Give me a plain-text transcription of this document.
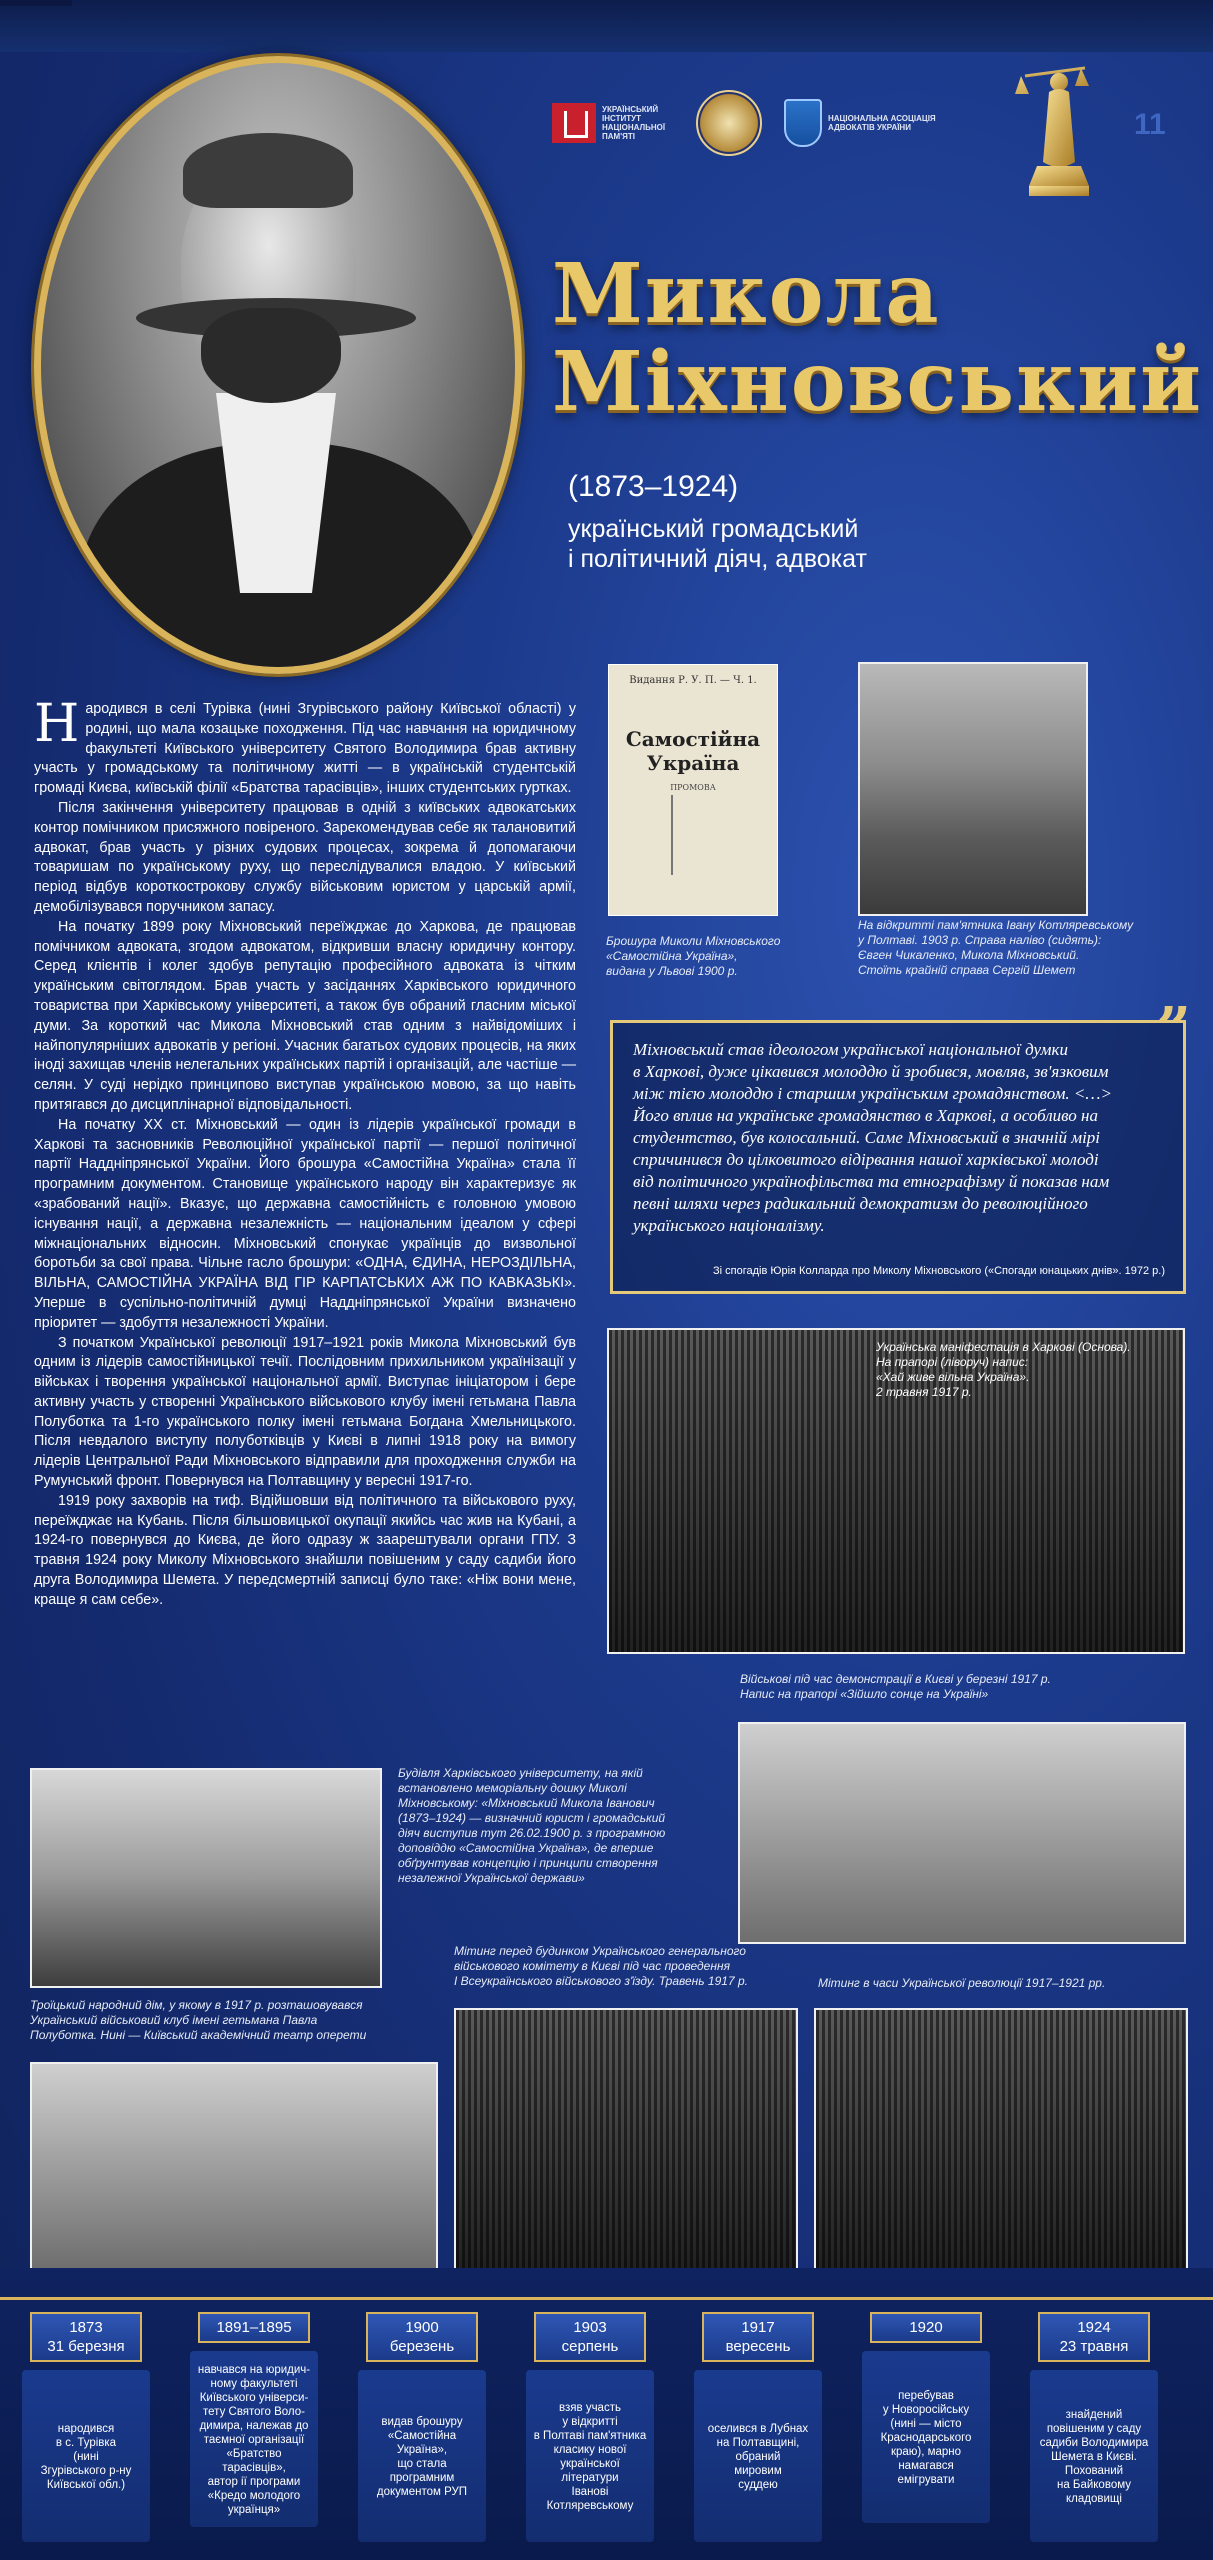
УКРАЇНСЬКИЙ ІНСТИТУТ НАЦІОНАЛЬНОЇ ПАМ'ЯТІ
НАЦІОНАЛЬНА АСОЦІАЦІЯ АДВОКАТІВ УКРАЇНИ	11
Микола
Міхновський
(1873–1924)
український громадський
і політичний діяч, адвокат

Народився в селі Турівка (нині Згурівського району Київської області) у родині, що мала козацьке походження. Під час навчання на юридичному факультеті Київського університету Святого Володимира брав активну участь у громадському та політичному житті — в українській студентській громаді Києва, київській філії «Братства тарасівців», інших студентських гуртках.

Після закінчення університету працював в одній з київських адвокатських контор помічником присяжного повіреного. Зарекомендував себе як талановитий адвокат, брав участь у різних судових процесах, зокрема й допомагаючи товаришам по українському руху, що переслідувалися владою. У київський період відбув короткострокову службу військовим юристом у царській армії, демобілізувався поручником запасу.

На початку 1899 року Міхновський переїжджає до Харкова, де працював помічником адвоката, згодом адвокатом, відкривши власну юридичну контору. Серед клієнтів і колег здобув репутацію професійного адвоката із чітким українським світоглядом. Брав участь у засіданнях Харківського юридичного товариства при Харківському університеті, а також був обраний гласним міської думи. За короткий час Микола Міхновський став одним з найвідоміших і найпопулярніших адвокатів у регіоні. Учасник багатьох судових процесів, на яких іноді захищав членів нелегальних українських партій і організацій, але частіше — селян. У суді нерідко принципово виступав українською мовою, за що навіть притягався до дисциплінарної відповідальності.

На початку XX ст. Міхновський — один із лідерів української громади в Харкові та засновників Революційної української партії — першої політичної партії Наддніпрянської України. Його брошура «Самостійна Україна» стала її програмним документом. Становище українського народу він характеризує як «зрабований нації». Вказує, що державна самостійність є головною умовою існування нації, а державна незалежність — національним ідеалом у сфері міжнаціональних відносин. Міхновський спонукає українців до визвольної боротьби за свої права. Чільне гасло брошури: «ОДНА, ЄДИНА, НЕРОЗДІЛЬНА, ВІЛЬНА, САМОСТІЙНА УКРАЇНА ВІД ГІР КАРПАТСЬКИХ АЖ ПО КАВКАЗЬКІ». Уперше в суспільно-політичній думці Наддніпрянської України визначено пріоритет — здобуття незалежності України.

З початком Української революції 1917–1921 років Микола Міхновський був одним із лідерів самостійницької течії. Послідовним прихильником українізації у військах і творення української національної армії. Виступає ініціатором і бере активну участь у створенні Українського військового клубу імені гетьмана Павла Полуботка та 1-го українського полку імені гетьмана Богдана Хмельницького. Після невдалого виступу полуботківців у Києві в липні 1918 року на вимогу лідерів Центральної Ради Міхновського відправили для проходження служби на Румунський фронт. Повернувся на Полтавщину у вересні 1917-го.

1919 року захворів на тиф. Відійшовши від політичного та військового руху, переїжджає на Кубань. Після більшовицької окупації якийсь час жив на Кубані, а 1924-го повернувся до Києва, де його одразу ж заарештували органи ГПУ. З травня 1924 року Миколу Міхновського знайшли повішеним у саду садиби його друга Володимира Шемета. У передсмертній записці було таке: «Ніж вони мене, краще я сам себе».

Видання Р. У. П. — Ч. 1.
Самостійна
Україна
ПРОМОВА
Брошура Миколи Міхновського
«Самостійна Україна»,
видана у Львові 1900 р.
На відкритті пам'ятника Івану Котляревському
у Полтаві. 1903 р. Справа наліво (сидять):
Євген Чикаленко, Микола Міхновський.
Стоїть крайній справа Сергій Шемет
”
Міхновський став ідеологом української національної думки
в Харкові, дуже цікавився молоддю й зробився, мовляв, зв'язковим
між тією молоддю і старшим українським громадянством. <…>
Його вплив на українське громадянство в Харкові, а особливо на
студентство, був колосальний. Саме Міхновський в значній мірі
спричинився до цілковитого відірвання нашої харківської молоді
від політичного українофільства та етнографізму й показав нам
певні шляхи через радикальний демократизм до революційного
українського націоналізму.
Зі спогадів Юрія Колларда про Миколу Міхновського («Спогади юнацьких днів». 1972 р.)
Українська маніфестація в Харкові (Основа).
На прапорі (ліворуч) напис:
«Хай живе вільна Україна».
2 травня 1917 р.
Військові під час демонстрації в Києві у березні 1917 р.
Напис на прапорі «Зійшло сонце на Україні»
Будівля Харківського університету, на якій
встановлено меморіальну дошку Миколі
Міхновському: «Міхновський Микола Іванович
(1873–1924) — визначний юрист і громадський
діяч виступив тут 26.02.1900 р. з програмною
доповіддю «Самостійна Україна», де вперше
обґрунтував концепцію і принципи створення
незалежної Української держави»
Троїцький народний дім, у якому в 1917 р. розташовувався
Український військовий клуб імені гетьмана Павла
Полуботка. Нині — Київський академічний театр оперети
Мітинг перед будинком Українського генерального
військового комітету в Києві під час проведення
І Всеукраїнського військового з'їзду. Травень 1917 р.	Мітинг в часи Української революції 1917–1921 рр.
1873
31 березня
народився
в с. Турівка
(нині
Згурівського р-ну
Київської обл.)
1891–1895
навчався на юридич-
ному факультеті
Київського універси-
тету Святого Воло-
димира, належав до
таємної організації
«Братство тарасівців»,
автор ії програми
«Кредо молодого
українця»
1900
березень
видав брошуру
«Самостійна
Україна»,
що стала
програмним
документом РУП
1903
серпень
взяв участь
у відкритті
в Полтаві пам'ятника
класику нової
української
літератури
Іванові
Котляревському
1917
вересень
оселився в Лубнах
на Полтавщині,
обраний
мировим
суддею
1920
перебував
у Новоросійську
(нині — місто
Краснодарського
краю), марно
намагався
емігрувати
1924
23 травня
знайдений
повішеним у саду
садиби Володимира
Шемета в Києві.
Похований
на Байковому
кладовищі
